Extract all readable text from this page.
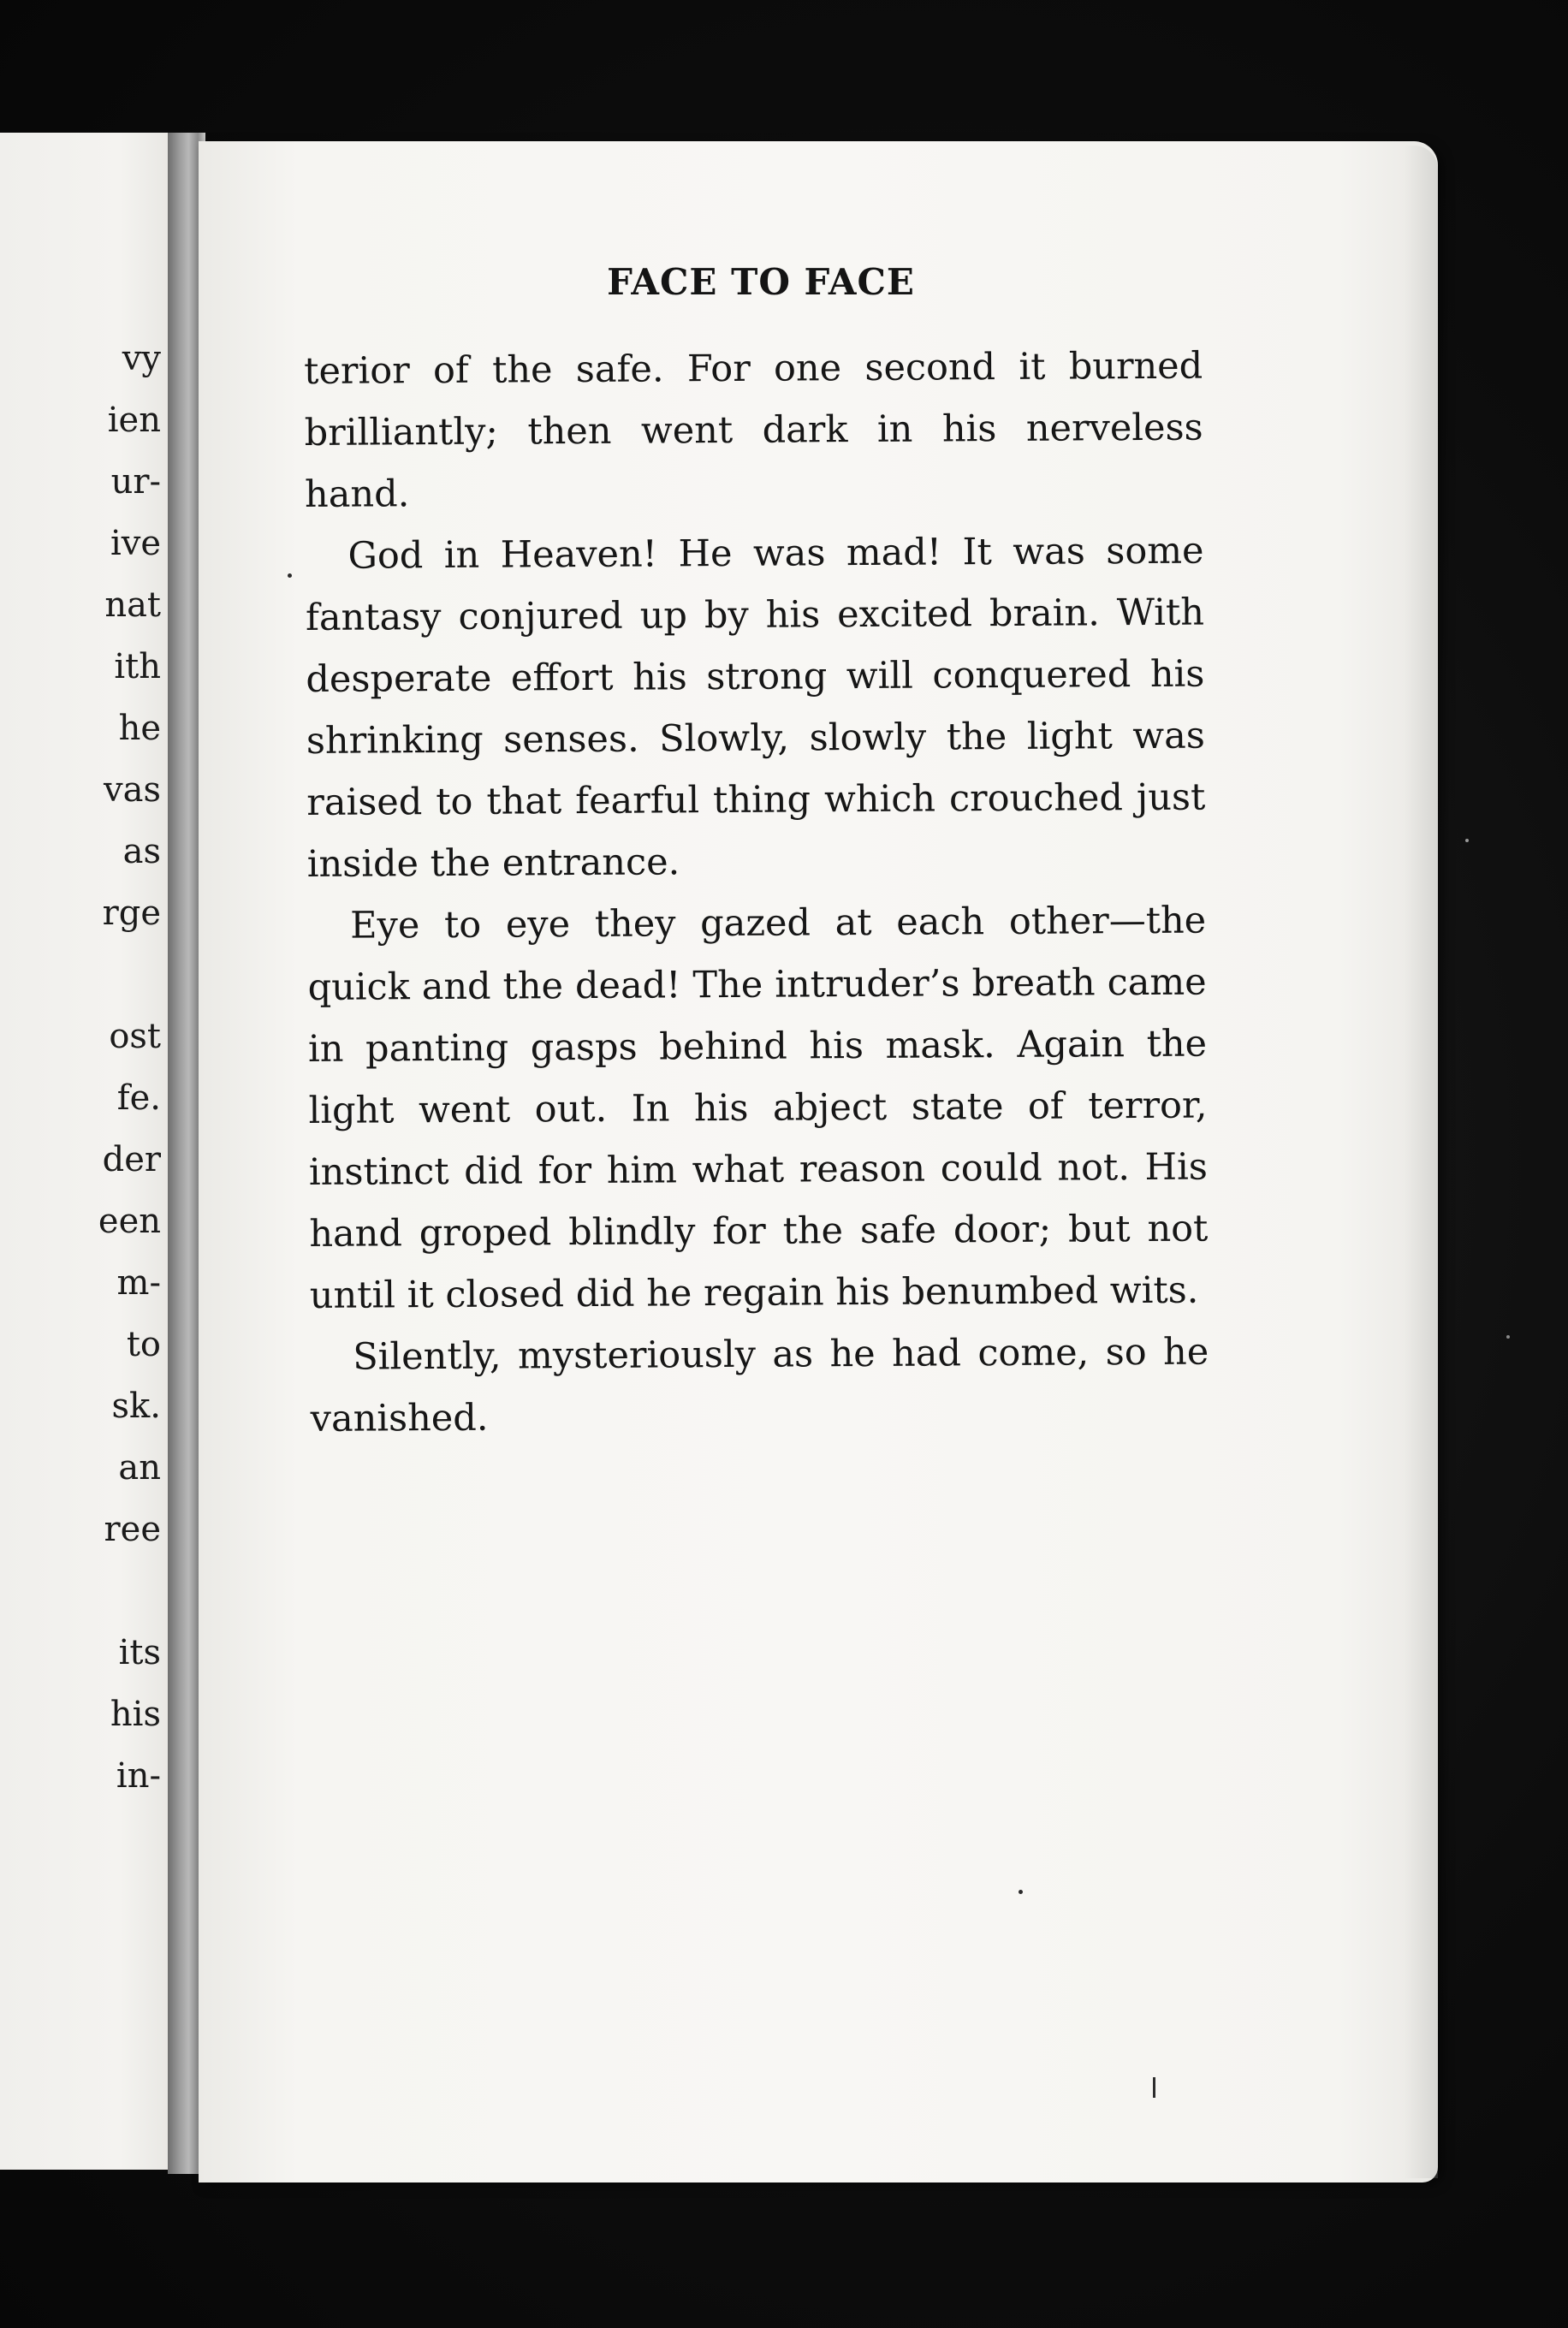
vy
ien
ur-
ive
nat
ith
he
vas
as
rge
ost
fe.
der
een
m-
to
sk.
an
ree
its
his
in-
FACE TO FACE

terior of the safe. For one second it burned brilliantly; then went dark in his nerveless hand.

God in Heaven! He was mad! It was some fantasy conjured up by his excited brain. With desperate effort his strong will conquered his shrinking senses. Slowly, slowly the light was raised to that fearful thing which crouched just inside the entrance.

Eye to eye they gazed at each other—the quick and the dead! The intruder’s breath came in panting gasps behind his mask. Again the light went out. In his abject state of terror, instinct did for him what reason could not. His hand groped blindly for the safe door; but not until it closed did he regain his benumbed wits.

Silently, mysteriously as he had come, so he vanished.
